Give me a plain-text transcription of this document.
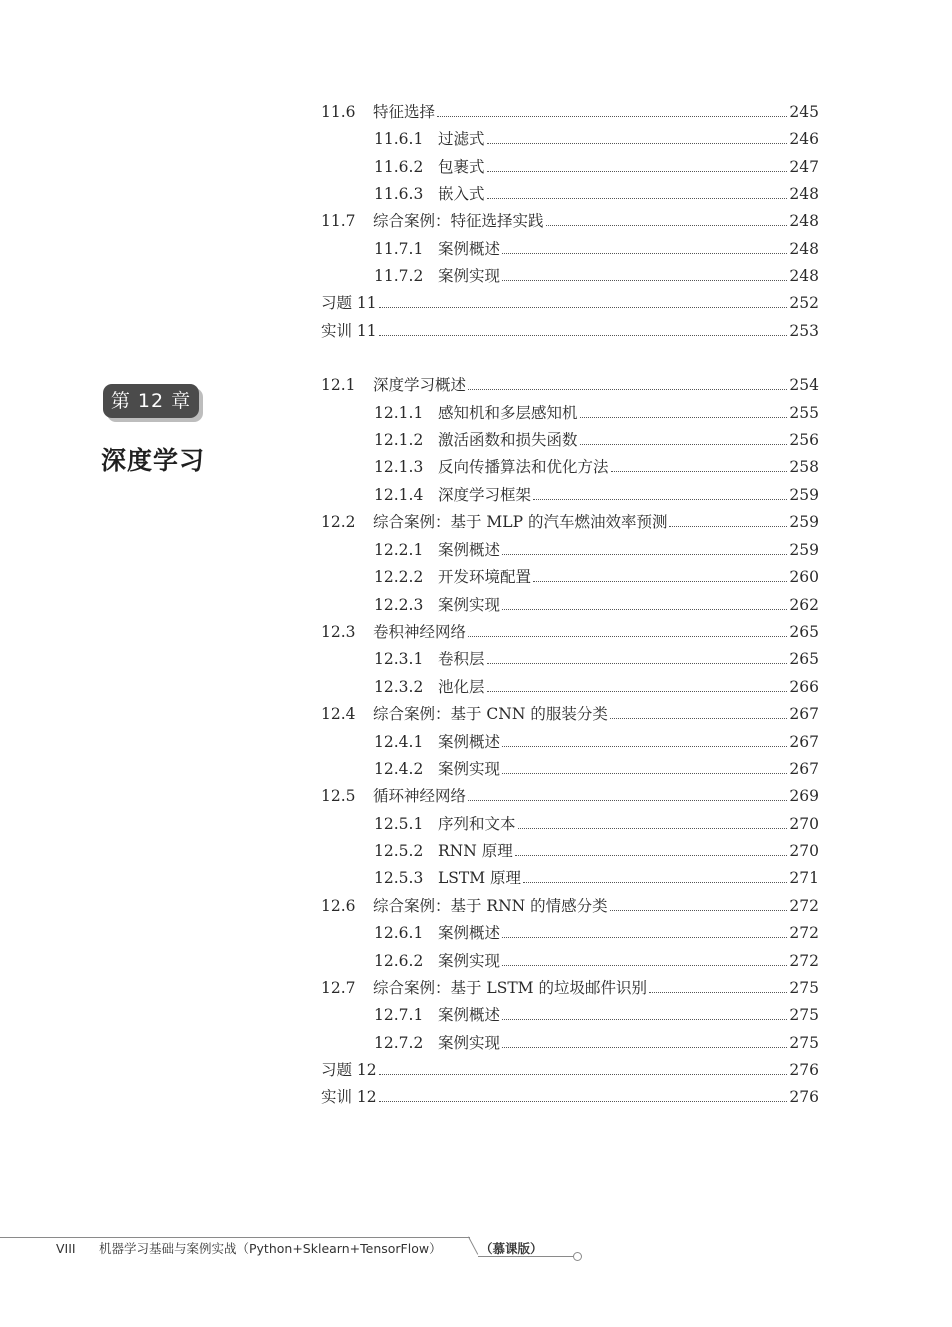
11.6	特征选择	245
11.6.1 过滤式	246
11.6.2 包裹式	247
11.6.3 嵌入式	248
11.7	综合案例：特征选择实践	248
11.7.1 案例概述	248
11.7.2 案例实现	248
习题 11	252
实训 11	253
12.1	深度学习概述	254
12.1.1 感知机和多层感知机	255
12.1.2 激活函数和损失函数	256
12.1.3 反向传播算法和优化方法	258
12.1.4 深度学习框架	259
12.2	综合案例：基于 MLP 的汽车燃油效率预测	259
12.2.1 案例概述	259
12.2.2 开发环境配置	260
12.2.3 案例实现	262
12.3	卷积神经网络	265
12.3.1 卷积层	265
12.3.2 池化层	266
12.4	综合案例：基于 CNN 的服装分类	267
12.4.1 案例概述	267
12.4.2 案例实现	267
12.5	循环神经网络	269
12.5.1 序列和文本	270
12.5.2 RNN 原理	270
12.5.3 LSTM 原理	271
12.6	综合案例：基于 RNN 的情感分类	272
12.6.1 案例概述	272
12.6.2 案例实现	272
12.7	综合案例：基于 LSTM 的垃圾邮件识别	275
12.7.1 案例概述	275
12.7.2 案例实现	275
习题 12	276
实训 12	276
第 12 章
深度学习
VIII 机器学习基础与案例实战（Python+Sklearn+TensorFlow）	（慕课版）
